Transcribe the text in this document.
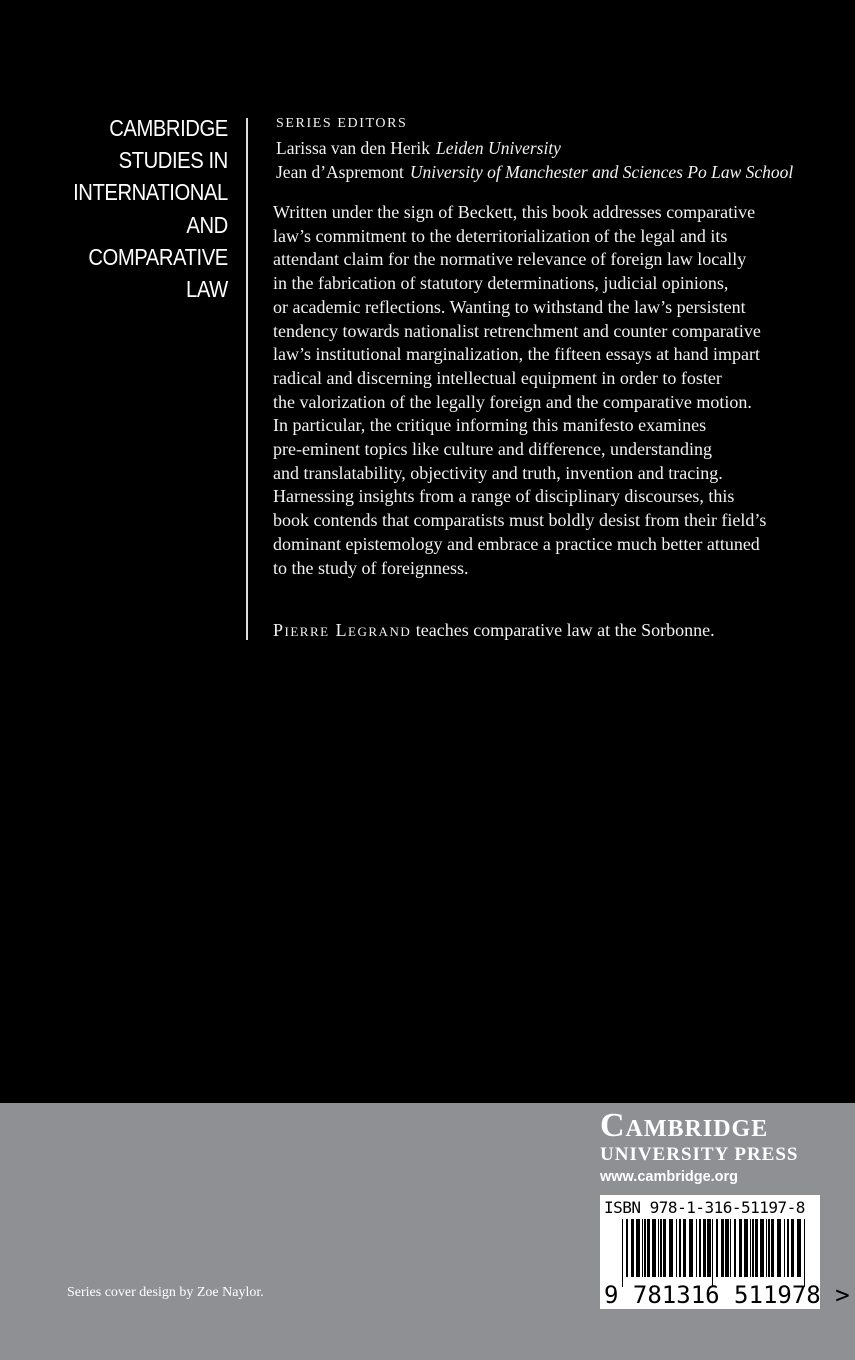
CAMBRIDGE
STUDIES IN
INTERNATIONAL
AND
COMPARATIVE
LAW
SERIES EDITORS
Larissa van den Herik Leiden University
Jean d’Aspremont University of Manchester and Sciences Po Law School
Written under the sign of Beckett, this book addresses comparative
law’s commitment to the deterritorialization of the legal and its
attendant claim for the normative relevance of foreign law locally
in the fabrication of statutory determinations, judicial opinions,
or academic reflections. Wanting to withstand the law’s persistent
tendency towards nationalist retrenchment and counter comparative
law’s institutional marginalization, the fifteen essays at hand impart
radical and discerning intellectual equipment in order to foster
the valorization of the legally foreign and the comparative motion.
In particular, the critique informing this manifesto examines
pre-eminent topics like culture and difference, understanding
and translatability, objectivity and truth, invention and tracing.
Harnessing insights from a range of disciplinary discourses, this
book contends that comparatists must boldly desist from their field’s
dominant epistemology and embrace a practice much better attuned
to the study of foreignness.
Pierre Legrand teaches comparative law at the Sorbonne.
Cambridge
UNIVERSITY PRESS
www.cambridge.org
ISBN 978-1-316-51197-8
9 781316 511978 >
Series cover design by Zoe Naylor.
